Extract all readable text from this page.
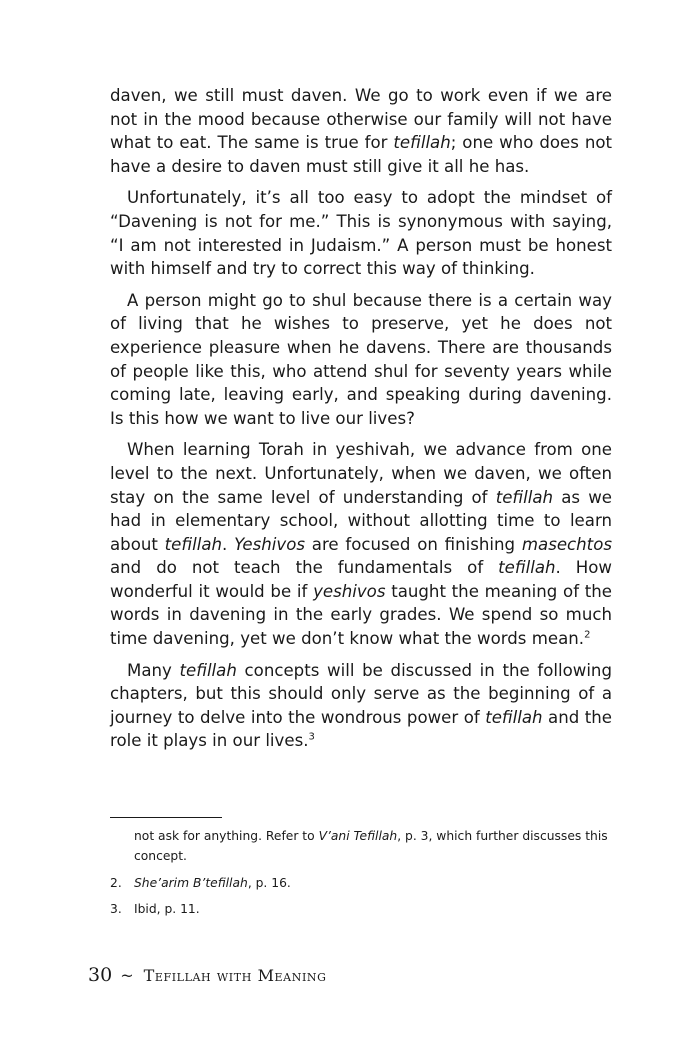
daven, we still must daven. We go to work even if we are not in the mood because otherwise our family will not have what to eat. The same is true for tefillah; one who does not have a desire to daven must still give it all he has.

Unfortunately, it’s all too easy to adopt the mindset of “Davening is not for me.” This is synonymous with saying, “I am not interested in Judaism.” A person must be honest with himself and try to correct this way of thinking.

A person might go to shul because there is a certain way of living that he wishes to preserve, yet he does not experience pleasure when he davens. There are thousands of people like this, who attend shul for seventy years while coming late, leaving early, and speaking during davening. Is this how we want to live our lives?

When learning Torah in yeshivah, we advance from one level to the next. Unfortunately, when we daven, we often stay on the same level of understanding of tefillah as we had in elementary school, without allotting time to learn about tefillah. Yeshivos are focused on finishing masechtos and do not teach the fundamentals of tefillah. How wonderful it would be if yeshivos taught the meaning of the words in davening in the early grades. We spend so much time davening, yet we don’t know what the words mean.$^2$

Many tefillah concepts will be discussed in the following chapters, but this should only serve as the beginning of a journey to delve into the wondrous power of tefillah and the role it plays in our lives.$^3$

not ask for anything. Refer to V’ani Tefillah, p. 3, which further discusses this concept.
2. She’arim B’tefillah, p. 16.
3. Ibid, p. 11.
30 ~ Tefillah with Meaning
